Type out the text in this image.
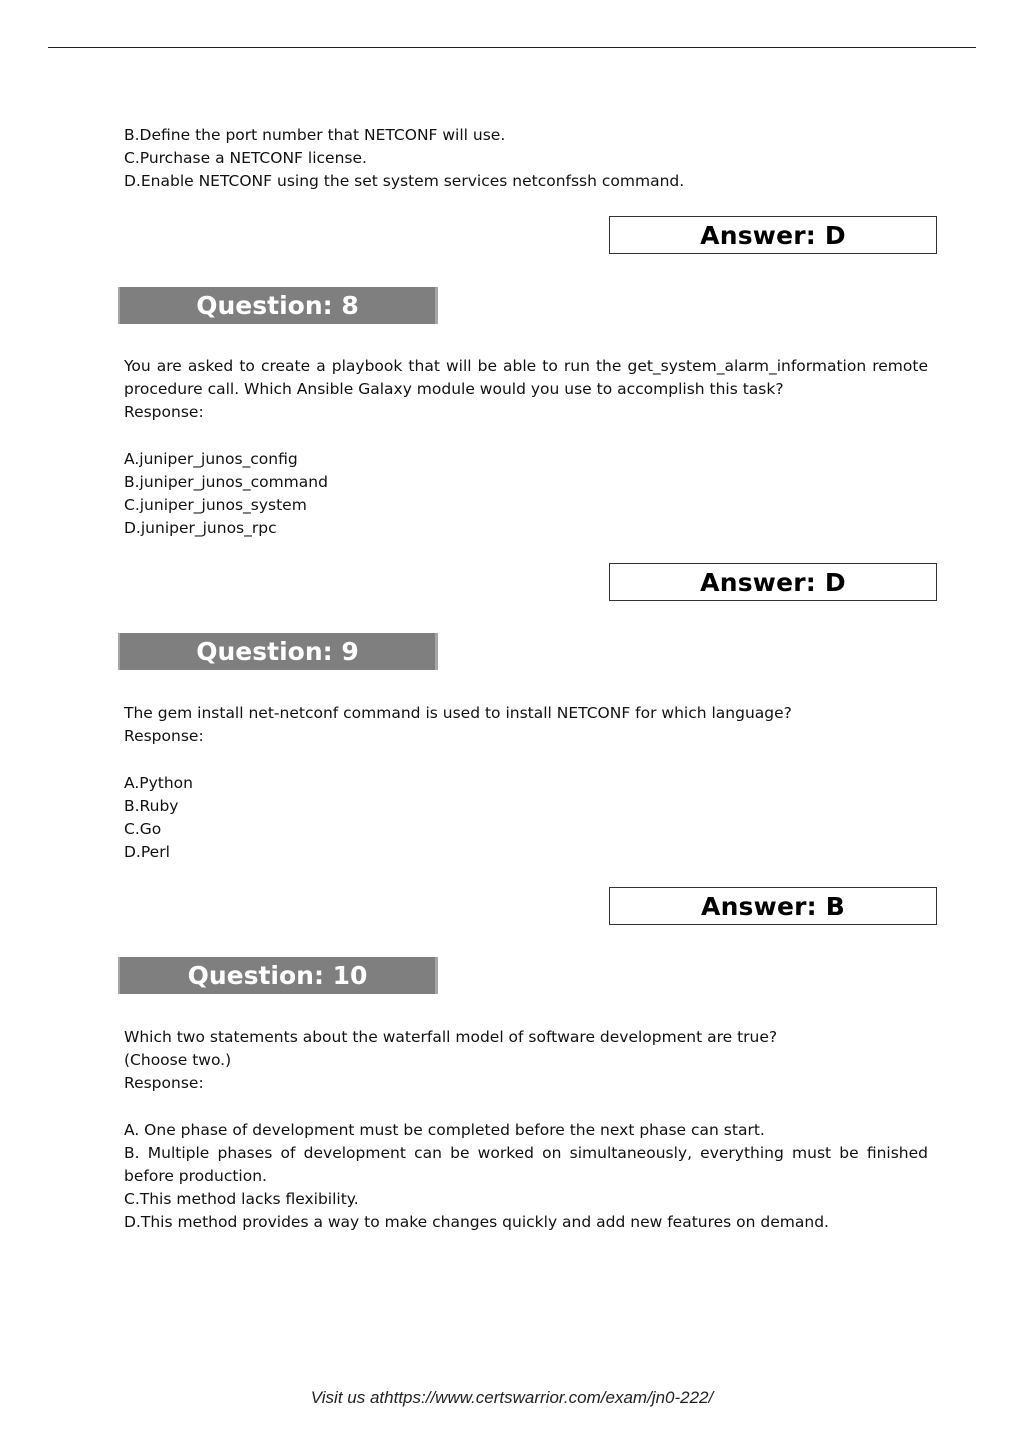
B.Define the port number that NETCONF will use.
C.Purchase a NETCONF license.
D.Enable NETCONF using the set system services netconfssh command.
Answer: D
Question: 8
You are asked to create a playbook that will be able to run the get_system_alarm_information remote
procedure call. Which Ansible Galaxy module would you use to accomplish this task?
Response:
A.juniper_junos_config
B.juniper_junos_command
C.juniper_junos_system
D.juniper_junos_rpc
Answer: D
Question: 9
The gem install net-netconf command is used to install NETCONF for which language?
Response:
A.Python
B.Ruby
C.Go
D.Perl
Answer: B
Question: 10
Which two statements about the waterfall model of software development are true?
(Choose two.)
Response:
A. One phase of development must be completed before the next phase can start.
B. Multiple phases of development can be worked on simultaneously, everything must be finished
before production.
C.This method lacks flexibility.
D.This method provides a way to make changes quickly and add new features on demand.
Visit us athttps://www.certswarrior.com/exam/jn0-222/
